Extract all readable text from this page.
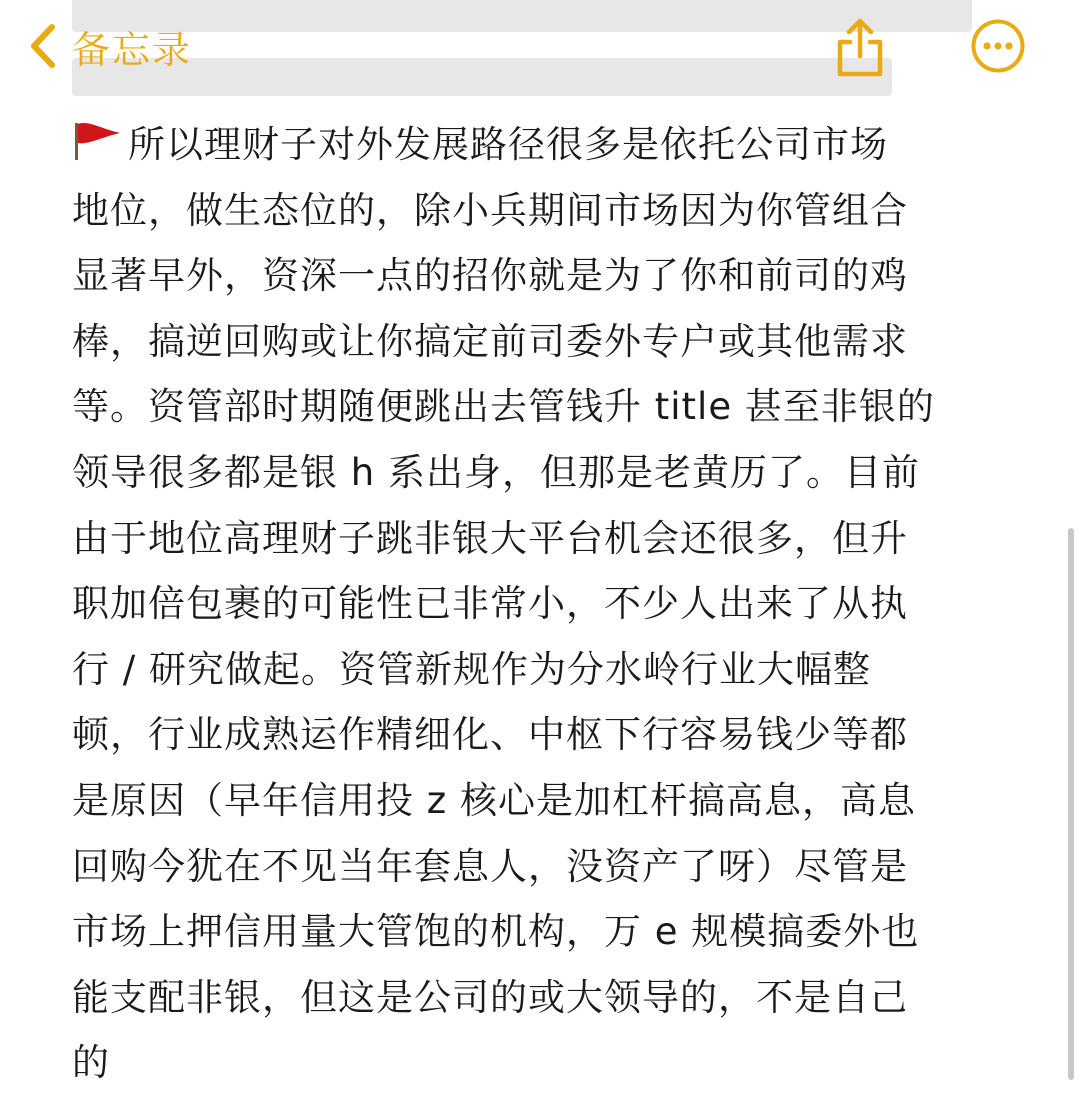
备忘录
所以理财子对外发展路径很多是依托公司市场
地位，做生态位的，除小兵期间市场因为你管组合
显著早外，资深一点的招你就是为了你和前司的鸡
棒，搞逆回购或让你搞定前司委外专户或其他需求
等。资管部时期随便跳出去管钱升 title 甚至非银的
领导很多都是银 h 系出身，但那是老黄历了。目前
由于地位高理财子跳非银大平台机会还很多，但升
职加倍包裹的可能性已非常小，不少人出来了从执
行 / 研究做起。资管新规作为分水岭行业大幅整
顿，行业成熟运作精细化、中枢下行容易钱少等都
是原因（早年信用投 z 核心是加杠杆搞高息，高息
回购今犹在不见当年套息人，没资产了呀）尽管是
市场上押信用量大管饱的机构，万 e 规模搞委外也
能支配非银，但这是公司的或大领导的，不是自己
的
